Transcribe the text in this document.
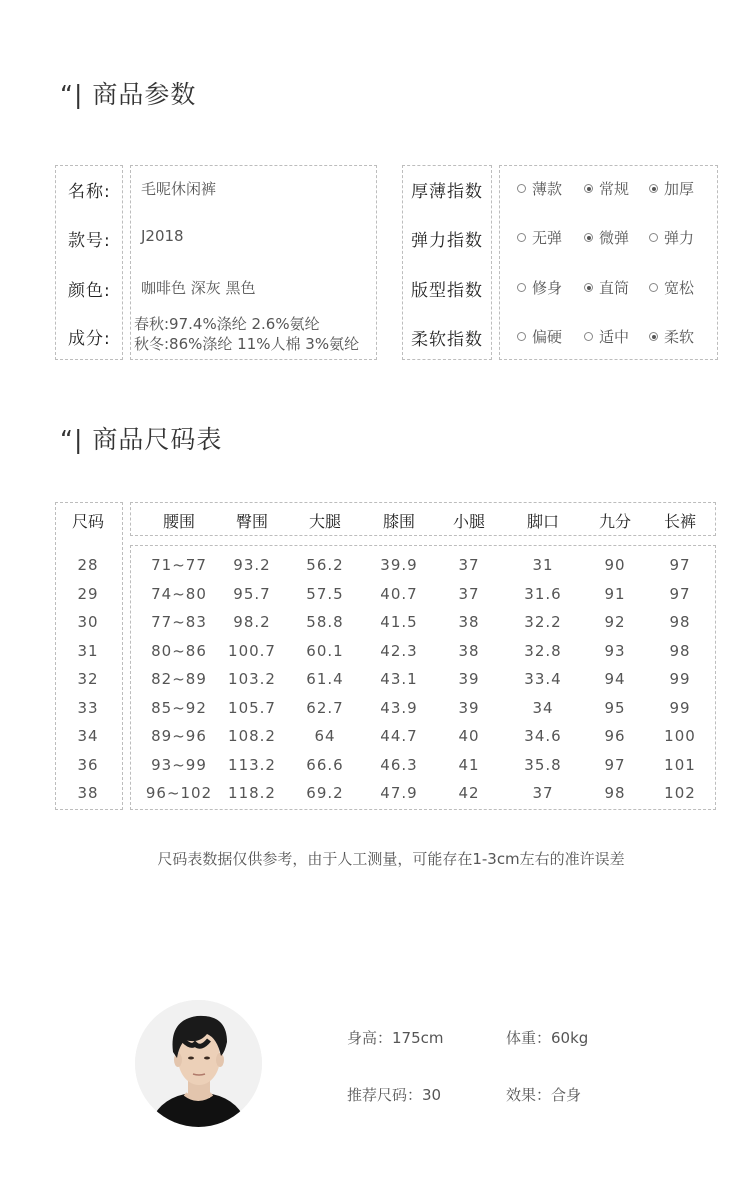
“| 商品参数
名称: 毛呢休闲裤
款号: J2018
颜色: 咖啡色 深灰 黑色
成分:
春秋:97.4%涤纶 2.6%氨纶
秋冬:86%涤纶 11%人棉 3%氨纶
厚薄指数	薄款 常规 加厚
弹力指数	无弹 微弹 弹力
版型指数	修身 直筒 宽松
柔软指数	偏硬 适中 柔软
“| 商品尺码表
尺码	腰围	臀围	大腿	膝围 小腿	脚口 九分 长裤
28	71~77 93.2 56.2 39.9	37	31	90	97
29	74~80 95.7 57.5 40.7	37	31.6	91	97
30	77~83 98.2 58.8 41.5	38	32.2	92	98
31	80~86 100.7 60.1 42.3	38	32.8	93	98
32	82~89 103.2 61.4 43.1	39	33.4	94	99
33	85~92 105.7 62.7 43.9	39	34	95	99
34	89~96 108.2	64	44.7	40	34.6	96	100
36	93~99 113.2 66.6 46.3	41	35.8	97	101
38	96~102 118.2 69.2 47.9	42	37	98	102
尺码表数据仅供参考，由于人工测量，可能存在1-3cm左右的准许误差
身高：175cm	体重：60kg
推荐尺码：30	效果：合身
